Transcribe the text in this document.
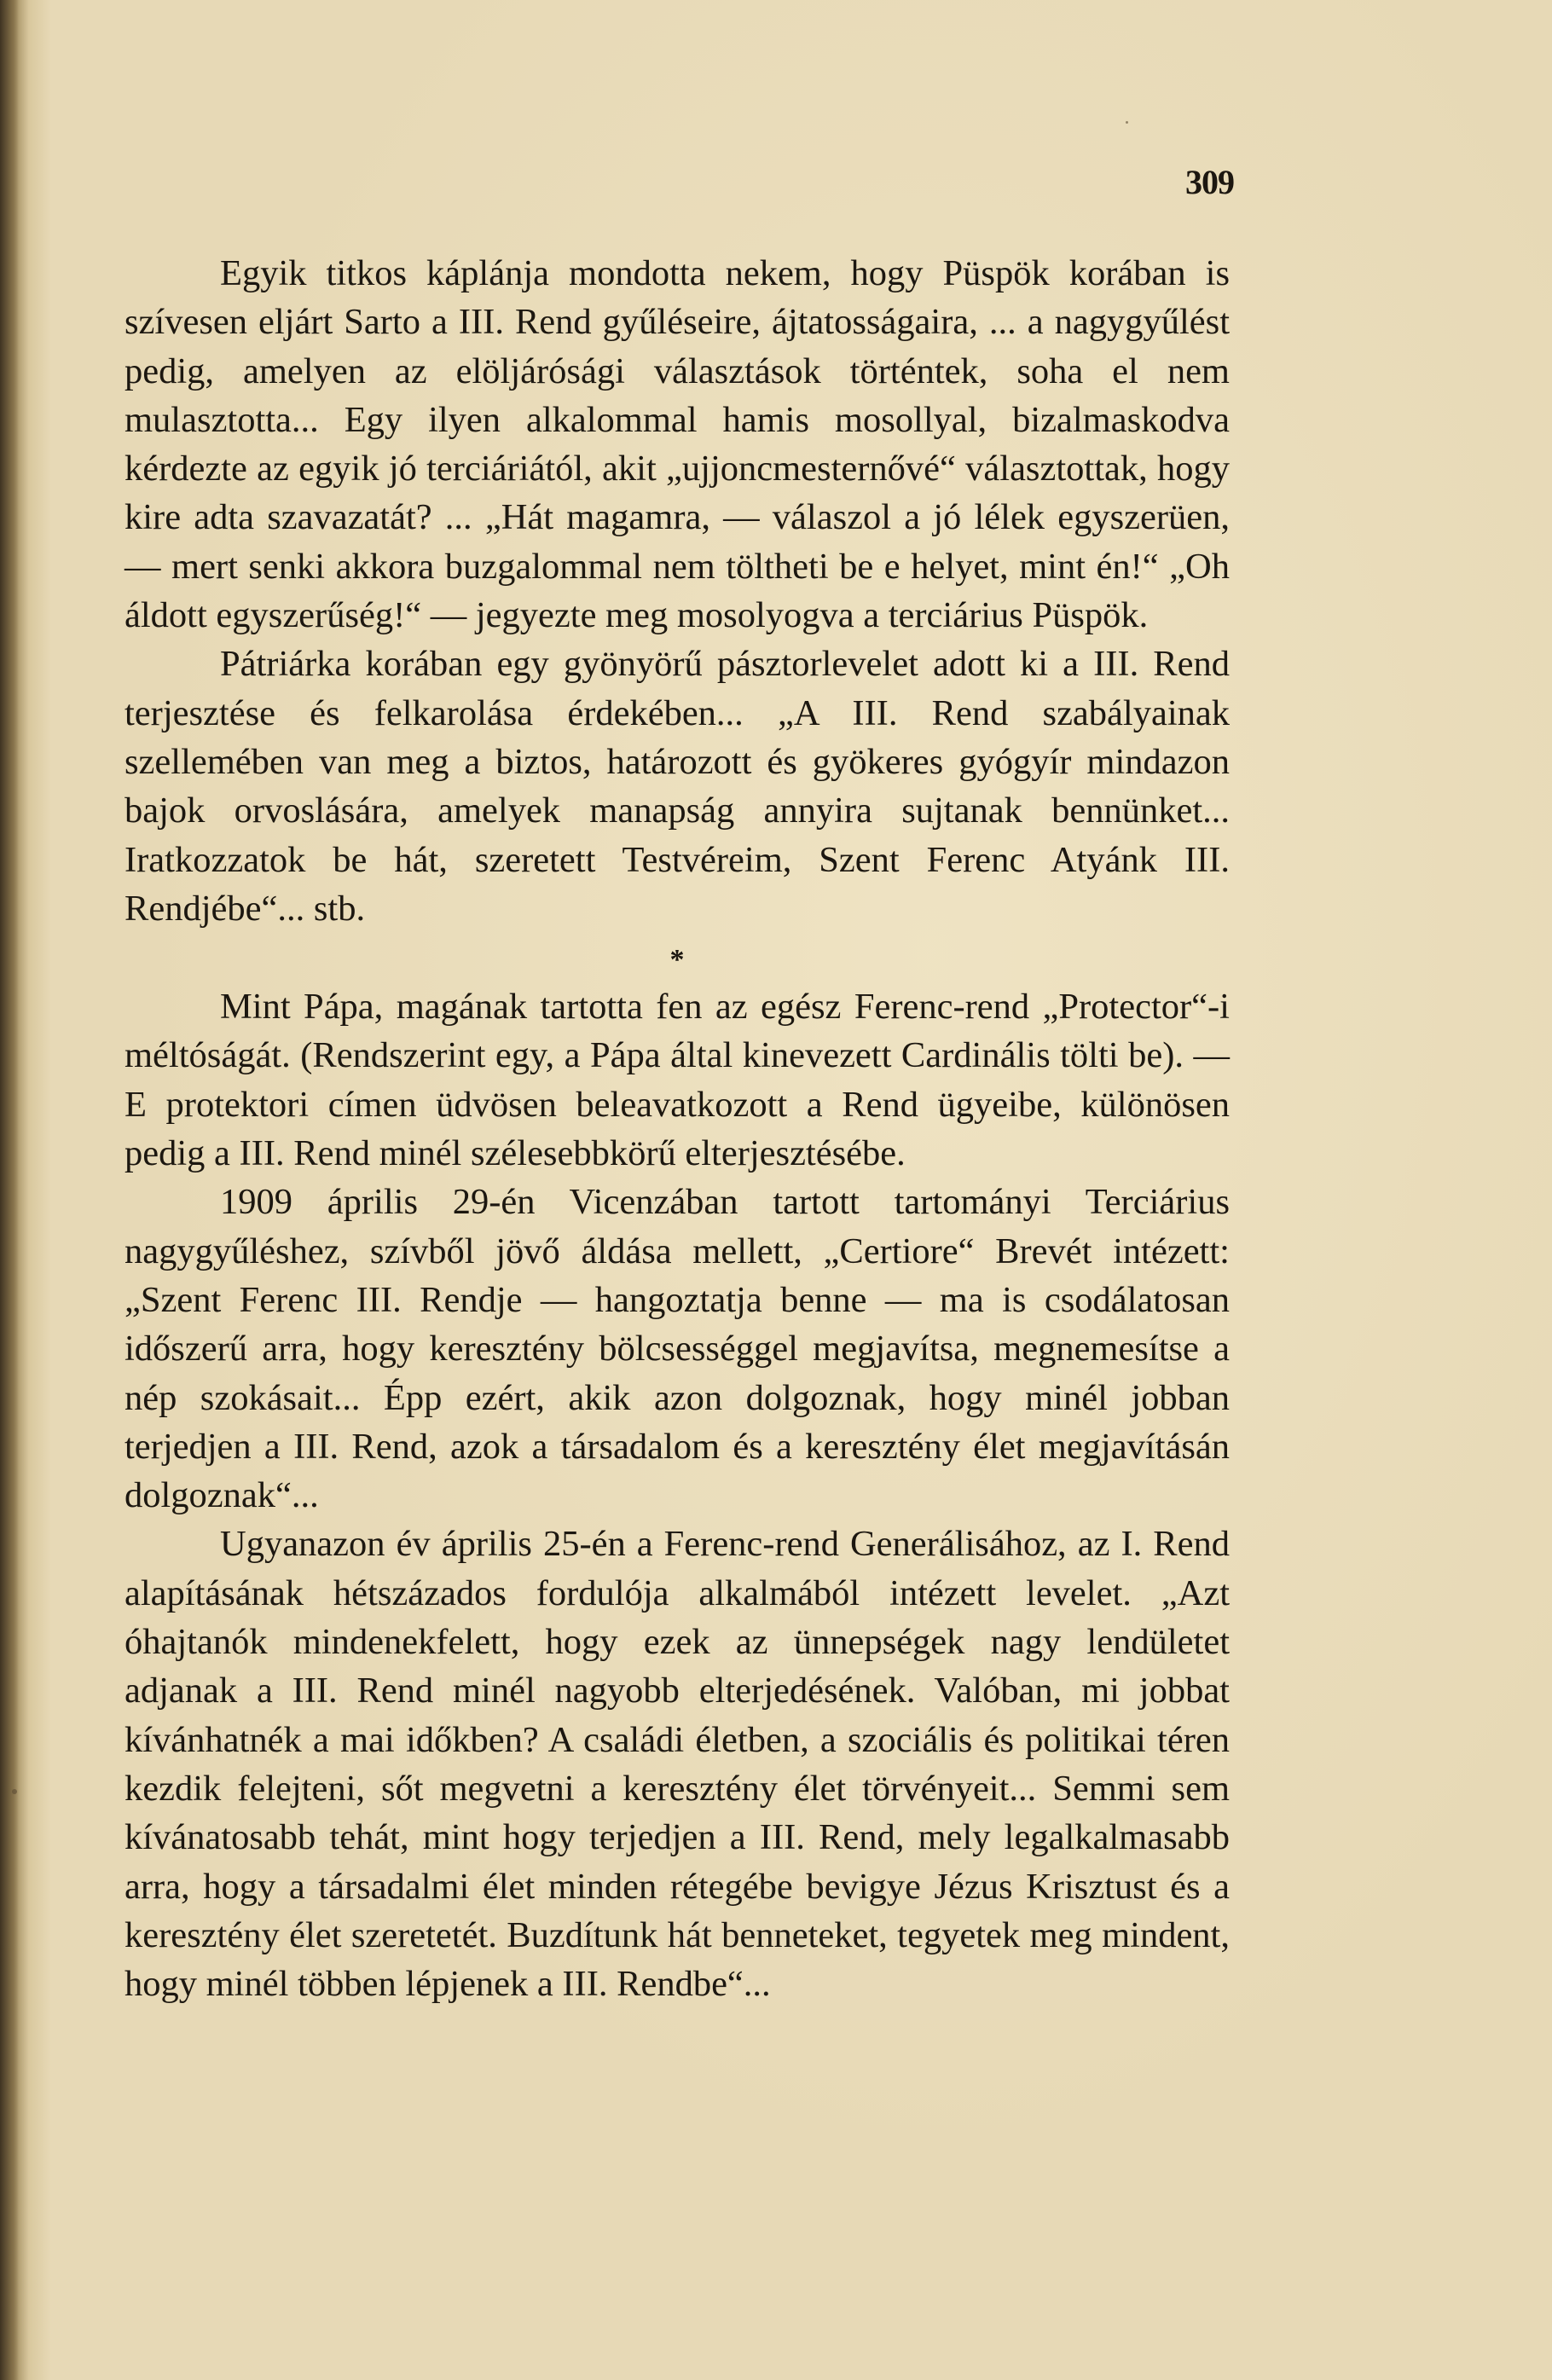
309

Egyik titkos káplánja mondotta nekem, hogy Püspök korában is szívesen eljárt Sarto a III. Rend gyűléseire, ájtatosságaira, ... a nagygyűlést pedig, amelyen az elöljárósági választások történtek, soha el nem mulasztotta... Egy ilyen alkalommal hamis mosollyal, bizalmaskodva kérdezte az egyik jó terciáriától, akit „ujjoncmesternővé“ választottak, hogy kire adta szavazatát? ... „Hát magamra, — válaszol a jó lélek egyszerüen, — mert senki akkora buzgalommal nem töltheti be e helyet, mint én!“ „Oh áldott egyszerűség!“ — jegyezte meg mosolyogva a terciárius Püspök.

Pátriárka korában egy gyönyörű pásztorlevelet adott ki a III. Rend terjesztése és felkarolása érdekében... „A III. Rend szabályainak szellemében van meg a biztos, határozott és gyökeres gyógyír mindazon bajok orvoslására, amelyek manapság annyira sujtanak bennünket... Iratkozzatok be hát, szeretett Testvéreim, Szent Ferenc Atyánk III. Rendjébe“... stb.

*

Mint Pápa, magának tartotta fen az egész Ferenc-rend „Protector“-i méltóságát. (Rendszerint egy, a Pápa által kinevezett Cardinális tölti be). — E protektori címen üdvösen beleavatkozott a Rend ügyeibe, különösen pedig a III. Rend minél szélesebbkörű elterjesztésébe.

1909 április 29-én Vicenzában tartott tartományi Terciárius nagygyűléshez, szívből jövő áldása mellett, „Certiore“ Brevét intézett: „Szent Ferenc III. Rendje — hangoztatja benne — ma is csodálatosan időszerű arra, hogy keresztény bölcsességgel megjavítsa, megnemesítse a nép szokásait... Épp ezért, akik azon dolgoznak, hogy minél jobban terjedjen a III. Rend, azok a társadalom és a keresztény élet megjavításán dolgoznak“...

Ugyanazon év április 25-én a Ferenc-rend Generálisához, az I. Rend alapításának hétszázados fordulója alkalmából intézett levelet. „Azt óhajtanók mindenekfelett, hogy ezek az ünnepségek nagy lendületet adjanak a III. Rend minél nagyobb elterjedésének. Valóban, mi jobbat kívánhatnék a mai időkben? A családi életben, a szociális és politikai téren kezdik felejteni, sőt megvetni a keresztény élet törvényeit... Semmi sem kívánatosabb tehát, mint hogy terjedjen a III. Rend, mely legalkalmasabb arra, hogy a társadalmi élet minden rétegébe bevigye Jézus Krisztust és a keresztény élet szeretetét. Buzdítunk hát benneteket, tegyetek meg mindent, hogy minél többen lépjenek a III. Rendbe“...
